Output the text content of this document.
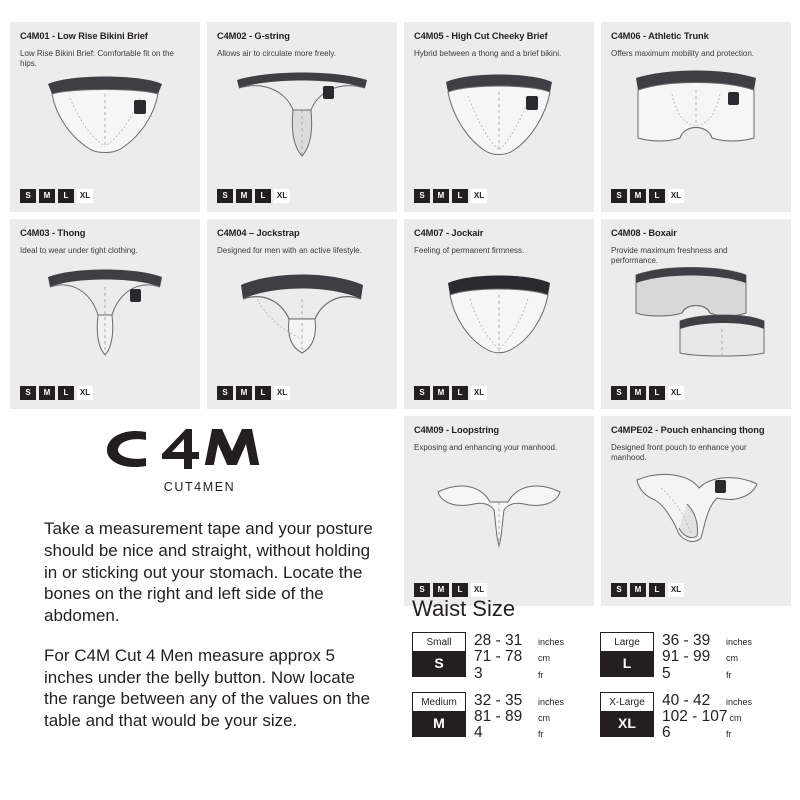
C4M01 - Low Rise Bikini Brief

Low Rise Bikini Brief: Comfortable fit on the hips.

S	M	L	XL

C4M02 - G-string

Allows air to circulate more freely.

S	M	L	XL

C4M05 - High Cut Cheeky Brief

Hybrid between a thong and a brief bikini.

S	M	L	XL

C4M06 - Athletic Trunk

Offers maximum mobility and protection.

S	M	L	XL

C4M03 - Thong

Ideal to wear under tight clothing.

S	M	L	XL

C4M04 – Jockstrap

Designed for men with an active lifestyle.

S	M	L	XL

C4M07 - Jockair

Feeling of permanent firmness.

S	M	L	XL

C4M08 - Boxair

Provide maximum freshness and performance.

S	M	L	XL

C4M09 - Loopstring

Exposing and enhancing your manhood.

S	M	L	XL

C4MPE02 - Pouch enhancing thong

Designed front pouch to enhance your manhood.

S	M	L	XL
CUT4MEN

Take a measurement tape and your posture should be nice and straight, without holding in or sticking out your stomach. Locate the bones on the right and left side of the abdomen.

For C4M Cut 4 Men measure approx 5 inches under the belly button. Now locate the range between any of the values on the table and that would be your size.

Waist Size
Small
S
28 - 31	inches
71 - 78	cm
3	fr
Large
L
36 - 39	inches
91 - 99	cm
5	fr
Medium
M
32 - 35	inches
81 - 89	cm
4	fr
X-Large
XL
40 - 42	inches
102 - 107 cm
6	fr
